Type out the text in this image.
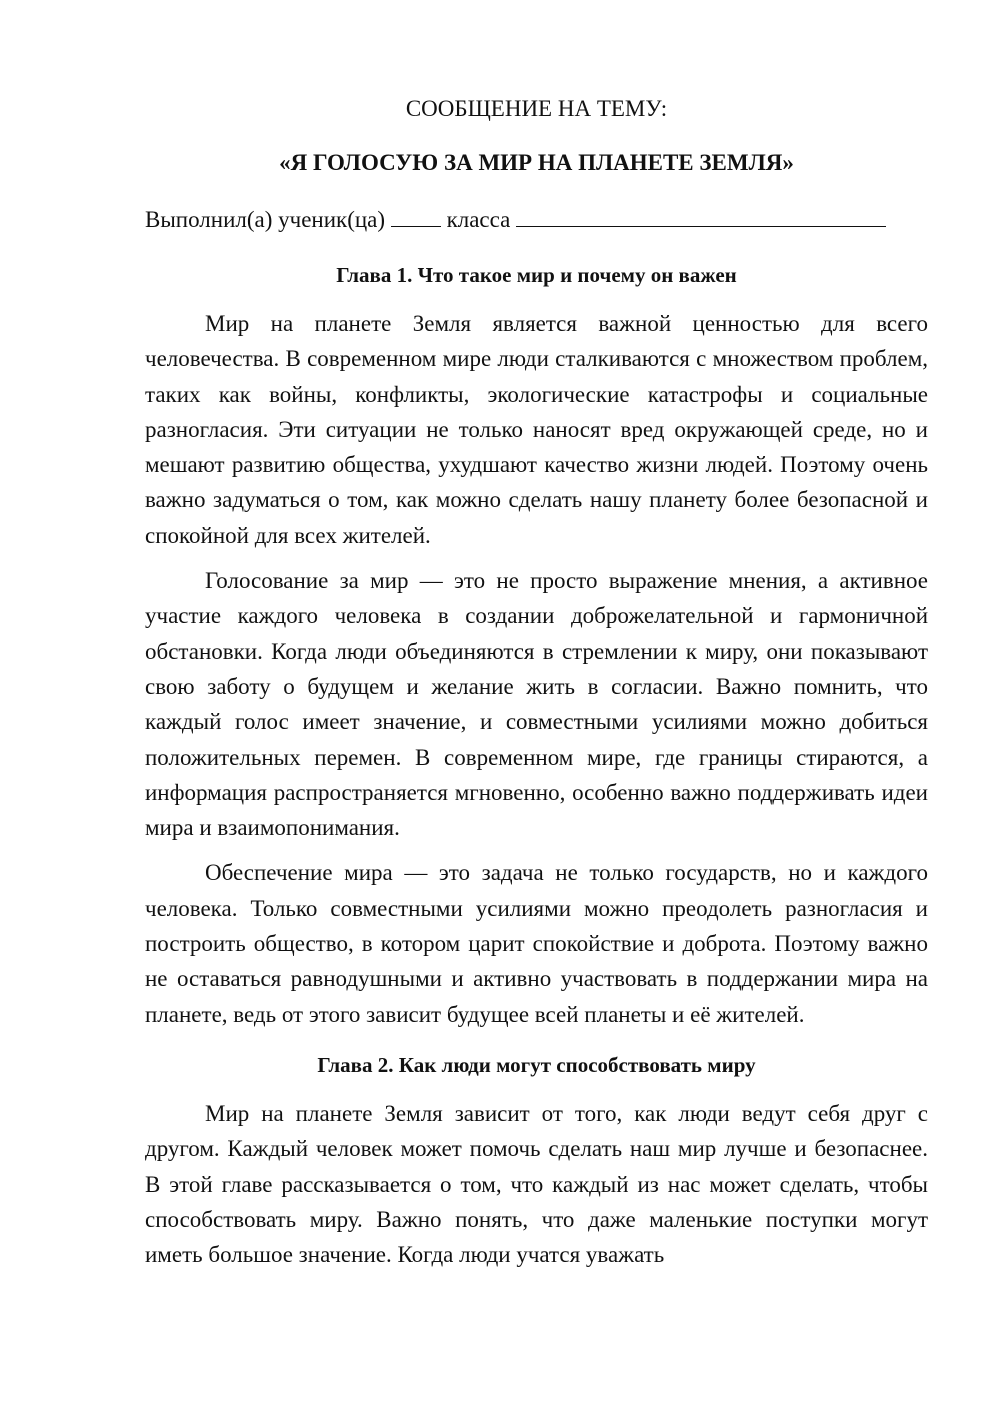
СООБЩЕНИЕ НА ТЕМУ:
«Я ГОЛОСУЮ ЗА МИР НА ПЛАНЕТЕ ЗЕМЛЯ»
Выполнил(а) ученик(ца)	класса
Глава 1. Что такое мир и почему он важен

Мир на планете Земля является важной ценностью для всего человечества. В современном мире люди сталкиваются с множеством проблем, таких как войны, конфликты, экологические катастрофы и социальные разногласия. Эти ситуации не только наносят вред окружающей среде, но и мешают развитию общества, ухудшают качество жизни людей. Поэтому очень важно задуматься о том, как можно сделать нашу планету более безопасной и спокойной для всех жителей.

Голосование за мир — это не просто выражение мнения, а активное участие каждого человека в создании доброжелательной и гармоничной обстановки. Когда люди объединяются в стремлении к миру, они показывают свою заботу о будущем и желание жить в согласии. Важно помнить, что каждый голос имеет значение, и совместными усилиями можно добиться положительных перемен. В современном мире, где границы стираются, а информация распространяется мгновенно, особенно важно поддерживать идеи мира и взаимопонимания.

Обеспечение мира — это задача не только государств, но и каждого человека. Только совместными усилиями можно преодолеть разногласия и построить общество, в котором царит спокойствие и доброта. Поэтому важно не оставаться равнодушными и активно участвовать в поддержании мира на планете, ведь от этого зависит будущее всей планеты и её жителей.

Глава 2. Как люди могут способствовать миру

Мир на планете Земля зависит от того, как люди ведут себя друг с другом. Каждый человек может помочь сделать наш мир лучше и безопаснее. В этой главе рассказывается о том, что каждый из нас может сделать, чтобы способствовать миру. Важно понять, что даже маленькие поступки могут иметь большое значение. Когда люди учатся уважать
